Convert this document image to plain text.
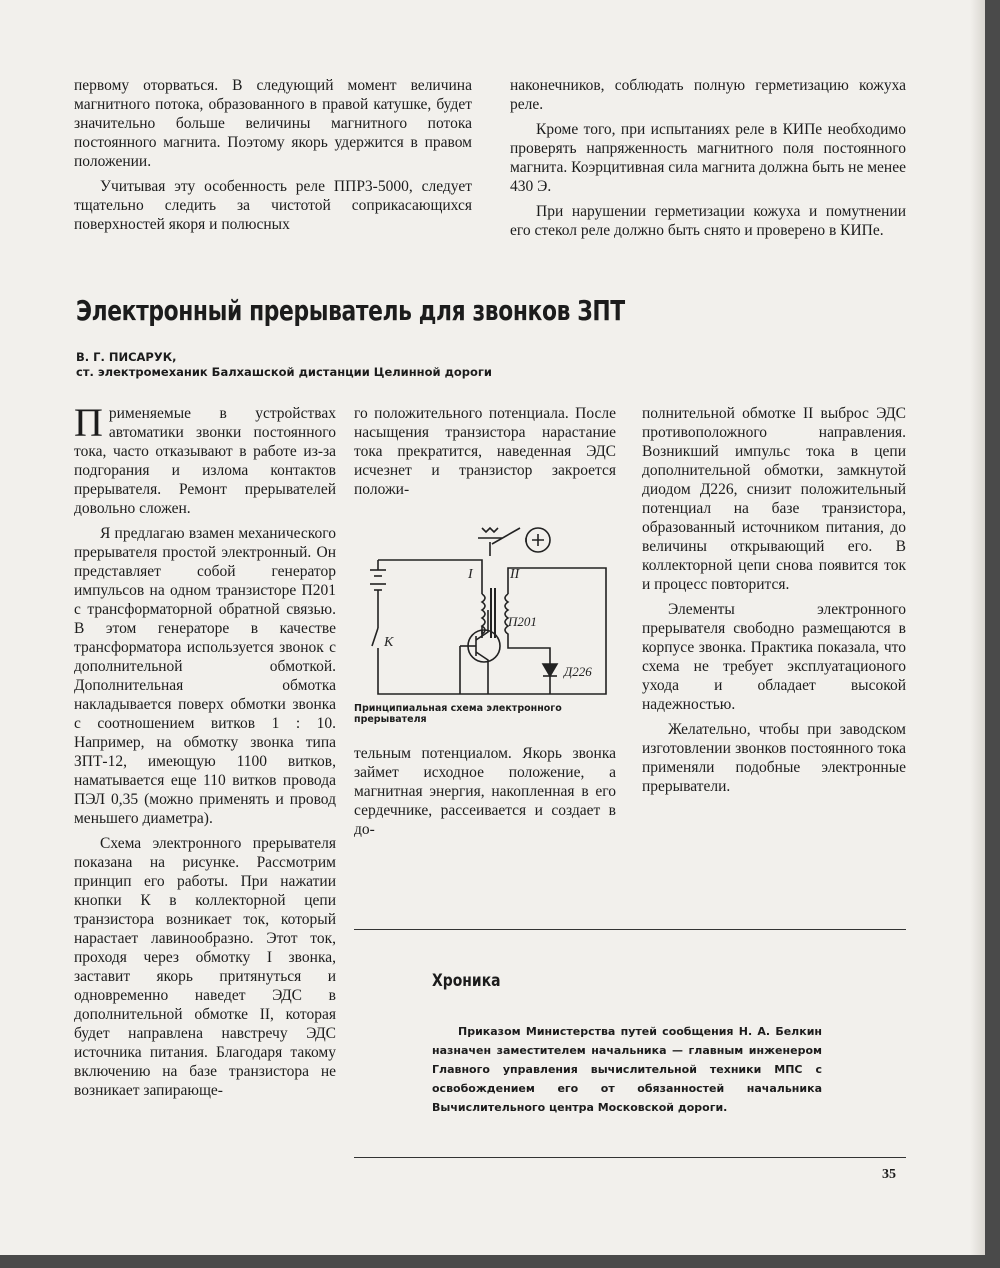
первому оторваться. В следующий момент величина магнитного потока, образованного в правой катушке, будет значительно больше величины магнитного потока постоянного магнита. Поэтому якорь удержится в правом положении.

Учитывая эту особенность реле ППР3-5000, следует тщательно следить за чистотой соприкасающихся поверхностей якоря и полюсных

наконечников, соблюдать полную герметизацию кожуха реле.

Кроме того, при испытаниях реле в КИПе необходимо проверять напряженность магнитного поля постоянного магнита. Коэрцитивная сила магнита должна быть не менее 430 Э.

При нарушении герметизации кожуха и помутнении его стекол реле должно быть снято и проверено в КИПе.

Электронный прерыватель для звонков ЗПТ
В. Г. ПИСАРУК,
ст. электромеханик Балхашской дистанции Целинной дороги

Применяемые в устройствах автоматики звонки постоянного тока, часто отказывают в работе из-за подгорания и излома контактов прерывателя. Ремонт прерывателей довольно сложен.

Я предлагаю взамен механического прерывателя простой электронный. Он представляет собой генератор импульсов на одном транзисторе П201 с трансформаторной обратной связью. В этом генераторе в качестве трансформатора используется звонок с дополнительной обмоткой. Дополнительная обмотка накладывается поверх обмотки звонка с соотношением витков 1 : 10. Например, на обмотку звонка типа ЗПТ-12, имеющую 1100 витков, наматывается еще 110 витков провода ПЭЛ 0,35 (можно применять и провод меньшего диаметра).

Схема электронного прерывателя показана на рисунке. Рассмотрим принцип его работы. При нажатии кнопки К в коллекторной цепи транзистора возникает ток, который нарастает лавинообразно. Этот ток, проходя через обмотку I звонка, заставит якорь притянуться и одновременно наведет ЭДС в дополнительной обмотке II, которая будет направлена навстречу ЭДС источника питания. Благодаря такому включению на базе транзистора не возникает запирающе-

го положительного потенциала. После насыщения транзистора нарастание тока прекратится, наведенная ЭДС исчезнет и транзистор закроется положи-

К
I	II
П201
Д226
Принципиальная схема электронного прерывателя

тельным потенциалом. Якорь звонка займет исходное положение, а магнитная энергия, накопленная в его сердечнике, рассеивается и создает в до-

полнительной обмотке II выброс ЭДС противоположного направления. Возникший импульс тока в цепи дополнительной обмотки, замкнутой диодом Д226, снизит положительный потенциал на базе транзистора, образованный источником питания, до величины открывающий его. В коллекторной цепи снова появится ток и процесс повторится.

Элементы электронного прерывателя свободно размещаются в корпусе звонка. Практика показала, что схема не требует эксплуатационого ухода и обладает высокой надежностью.

Желательно, чтобы при заводском изготовлении звонков постоянного тока применяли подобные электронные прерыватели.

Хроника
Приказом Министерства путей сообщения Н. А. Белкин назначен заместителем начальника — главным инженером Главного управления вычислительной техники МПС с освобождением его от обязанностей начальника Вычислительного центра Московской дороги.
35
